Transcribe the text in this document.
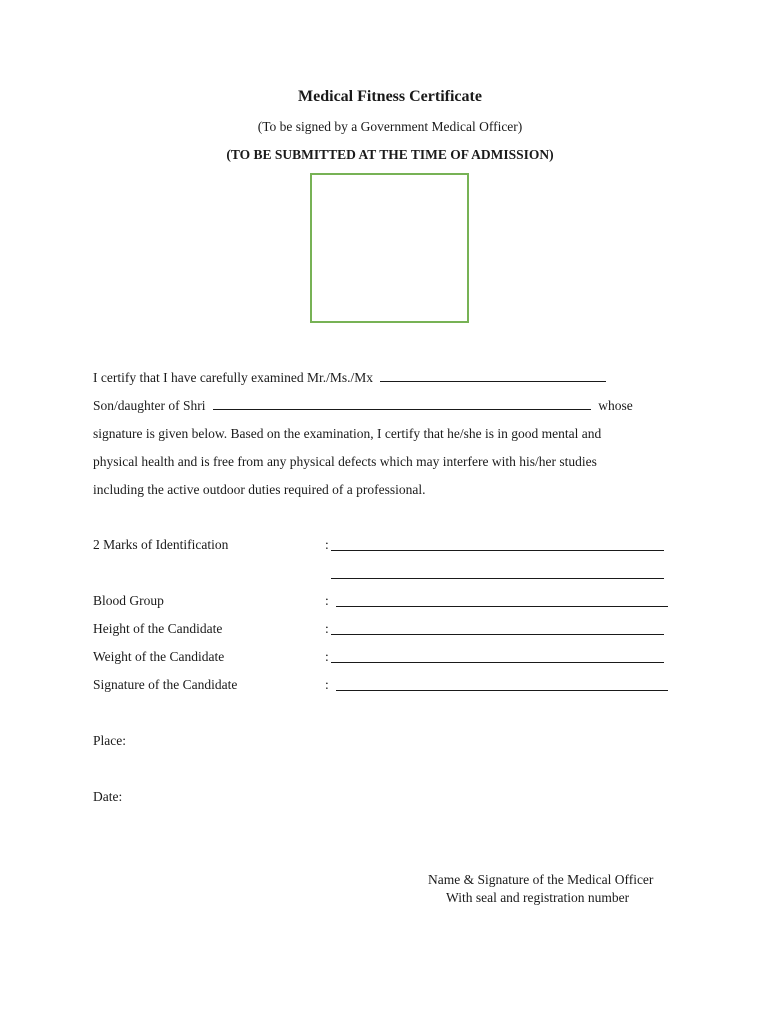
Medical Fitness Certificate
(To be signed by a Government Medical Officer)
(TO BE SUBMITTED AT THE TIME OF ADMISSION)
I certify that I have carefully examined Mr./Ms./Mx
Son/daughter of Shri	whose
signature is given below. Based on the examination, I certify that he/she is in good mental and
physical health and is free from any physical defects which may interfere with his/her studies
including the active outdoor duties required of a professional.
2 Marks of Identification	:
Blood Group	:
Height of the Candidate	:
Weight of the Candidate	:
Signature of the Candidate	:
Place:
Date:
Name & Signature of the Medical Officer
With seal and registration number
